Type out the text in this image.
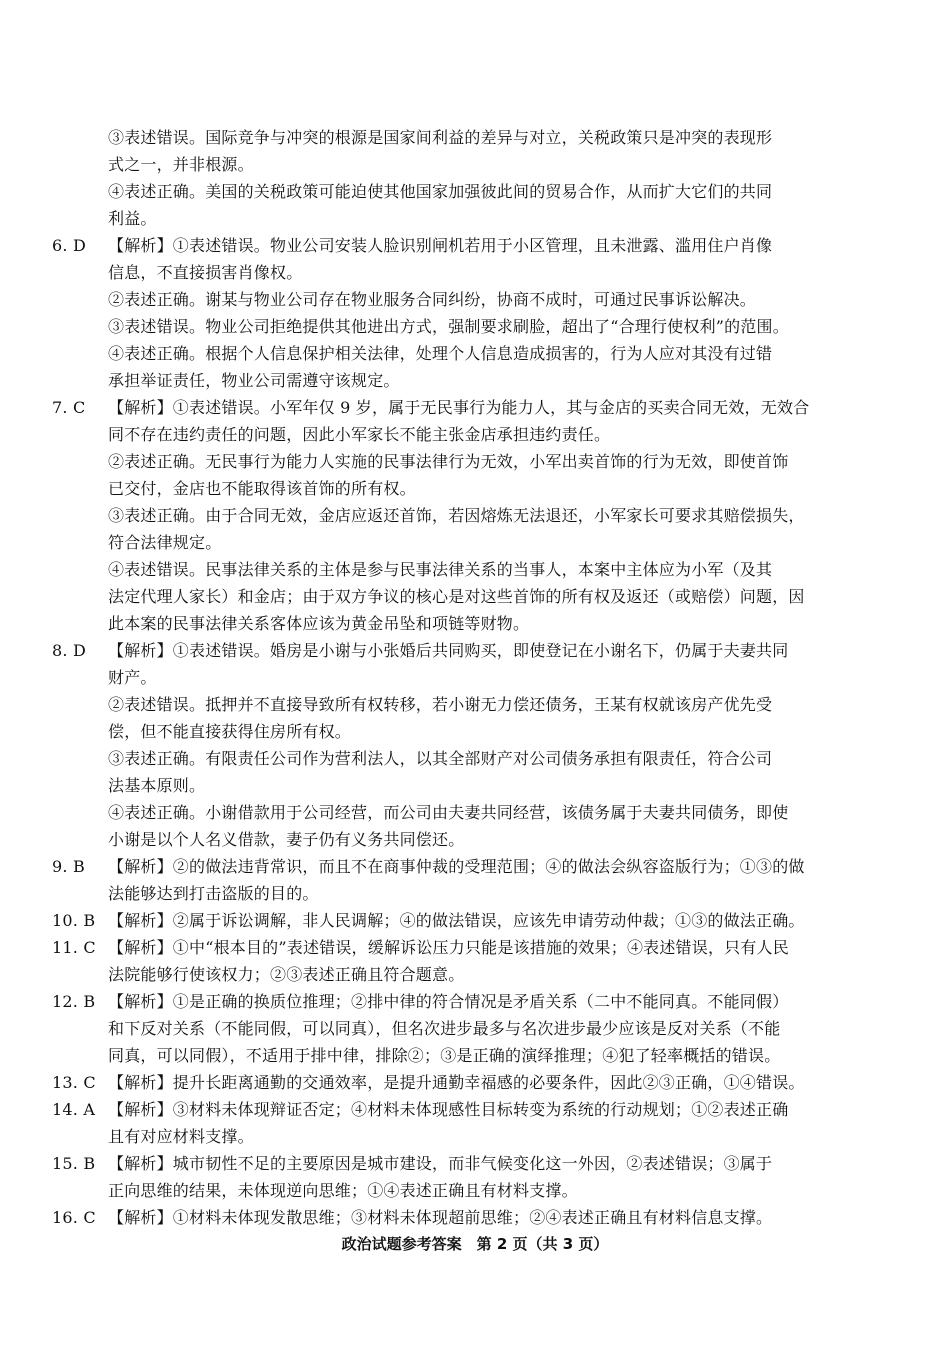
③表述错误。国际竞争与冲突的根源是国家间利益的差异与对立，关税政策只是冲突的表现形
式之一，并非根源。
④表述正确。美国的关税政策可能迫使其他国家加强彼此间的贸易合作，从而扩大它们的共同
利益。
6. D 【解析】①表述错误。物业公司安装人脸识别闸机若用于小区管理，且未泄露、滥用住户肖像
信息，不直接损害肖像权。
②表述正确。谢某与物业公司存在物业服务合同纠纷，协商不成时，可通过民事诉讼解决。
③表述错误。物业公司拒绝提供其他进出方式，强制要求刷脸，超出了“合理行使权利”的范围。
④表述正确。根据个人信息保护相关法律，处理个人信息造成损害的，行为人应对其没有过错
承担举证责任，物业公司需遵守该规定。
7. C 【解析】①表述错误。小军年仅 9 岁，属于无民事行为能力人，其与金店的买卖合同无效，无效合
同不存在违约责任的问题，因此小军家长不能主张金店承担违约责任。
②表述正确。无民事行为能力人实施的民事法律行为无效，小军出卖首饰的行为无效，即使首饰
已交付，金店也不能取得该首饰的所有权。
③表述正确。由于合同无效，金店应返还首饰，若因熔炼无法退还，小军家长可要求其赔偿损失，
符合法律规定。
④表述错误。民事法律关系的主体是参与民事法律关系的当事人，本案中主体应为小军（及其
法定代理人家长）和金店；由于双方争议的核心是对这些首饰的所有权及返还（或赔偿）问题，因
此本案的民事法律关系客体应该为黄金吊坠和项链等财物。
8. D 【解析】①表述错误。婚房是小谢与小张婚后共同购买，即使登记在小谢名下，仍属于夫妻共同
财产。
②表述错误。抵押并不直接导致所有权转移，若小谢无力偿还债务，王某有权就该房产优先受
偿，但不能直接获得住房所有权。
③表述正确。有限责任公司作为营利法人，以其全部财产对公司债务承担有限责任，符合公司
法基本原则。
④表述正确。小谢借款用于公司经营，而公司由夫妻共同经营，该债务属于夫妻共同债务，即使
小谢是以个人名义借款，妻子仍有义务共同偿还。
9. B 【解析】②的做法违背常识，而且不在商事仲裁的受理范围；④的做法会纵容盗版行为；①③的做
法能够达到打击盗版的目的。
10. B 【解析】②属于诉讼调解，非人民调解；④的做法错误，应该先申请劳动仲裁；①③的做法正确。
11. C 【解析】①中“根本目的”表述错误，缓解诉讼压力只能是该措施的效果；④表述错误，只有人民
法院能够行使该权力；②③表述正确且符合题意。
12. B 【解析】①是正确的换质位推理；②排中律的符合情况是矛盾关系（二中不能同真。不能同假）
和下反对关系（不能同假，可以同真），但名次进步最多与名次进步最少应该是反对关系（不能
同真，可以同假），不适用于排中律，排除②；③是正确的演绎推理；④犯了轻率概括的错误。
13. C 【解析】提升长距离通勤的交通效率，是提升通勤幸福感的必要条件，因此②③正确，①④错误。
14. A 【解析】③材料未体现辩证否定；④材料未体现感性目标转变为系统的行动规划；①②表述正确
且有对应材料支撑。
15. B 【解析】城市韧性不足的主要原因是城市建设，而非气候变化这一外因，②表述错误；③属于
正向思维的结果，未体现逆向思维；①④表述正确且有材料支撑。
16. C 【解析】①材料未体现发散思维；③材料未体现超前思维；②④表述正确且有材料信息支撑。
政治试题参考答案　第 2 页（共 3 页）
